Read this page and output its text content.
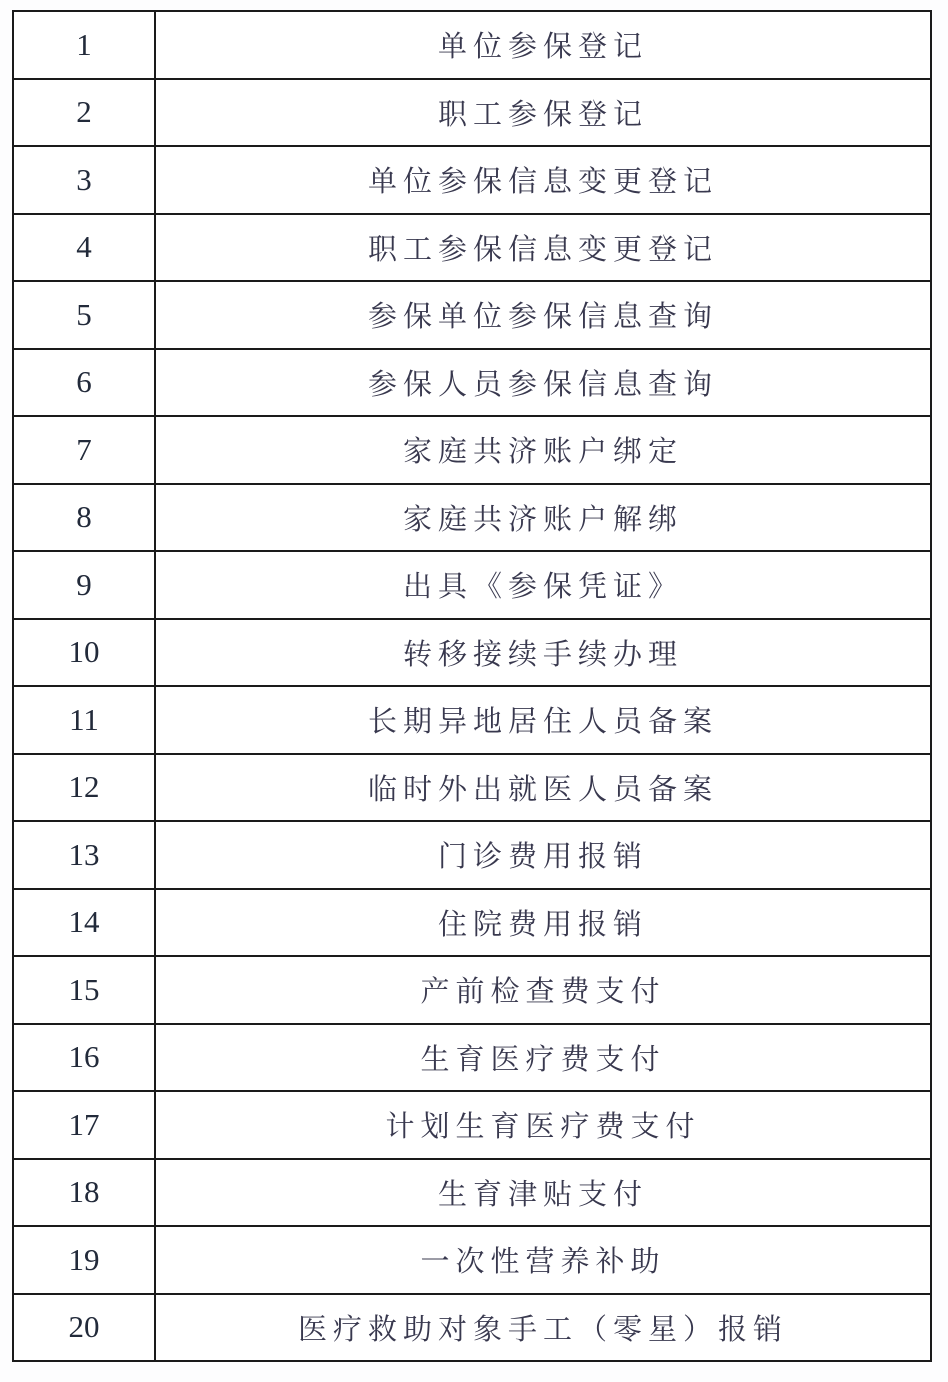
1	单位参保登记
2	职工参保登记
3	单位参保信息变更登记
4	职工参保信息变更登记
5	参保单位参保信息查询
6	参保人员参保信息查询
7	家庭共济账户绑定
8	家庭共济账户解绑
9	出具《参保凭证》
10	转移接续手续办理
11	长期异地居住人员备案
12	临时外出就医人员备案
13	门诊费用报销
14	住院费用报销
15	产前检查费支付
16	生育医疗费支付
17	计划生育医疗费支付
18	生育津贴支付
19	一次性营养补助
20	医疗救助对象手工（零星）报销
